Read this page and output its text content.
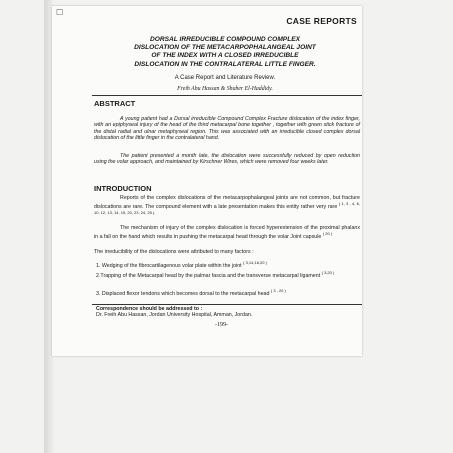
☐
CASE REPORTS
DORSAL IRREDUCIBLE COMPOUND COMPLEX
DISLOCATION OF THE METACARPOPHALANGEAL JOINT
OF THE INDEX WITH A CLOSED IRREDUCIBLE
DISLOCATION IN THE CONTRALATERAL LITTLE FINGER.
A Case Report and Literature Review.
Freih Abu Hassan & Shaher El-Haddidy.
ABSTRACT
A young patient had a Dorsal irreducible Compound Complex Fracture dislocation of the index finger, with an epiphyseal injury of the head of the third metacarpal bone together , together with green stick fracture of the distal radial and ulnar metaphyseal region. This was associated with an irreducible closed complex dorsal dislocation of the little finger in the contralateral hand.
The patient presented a month late, the dislocation were successfully reduced by open reduction using the volar approach, and maintained by Kirschner Wires, which were removed four weeks later.
INTRODUCTION
Reports of the complex dislocations of the metacarpophalangeal joints are not common, but fracture dislocations are rare. The compound element with a late presentation makes this entity rather very rare $^{( 1, 3 , 4, 6, 10, 12, 13, 14, 15, 20, 23, 24, 25 ).}$
The mechanism of injury of the complex dislocation is forced hyperextension of the proximal phalanx in a fall on the hand which results in pushing the metacarpal head through the volar Joint capsule $^{( 20 )}$
The irreducibility of the dislocations were attributed to many factors :
1. Wedging of the fibrocartilagenous volar plate within the joint $^{( 3,14,16,20 )}$
2.Trapping of the Metacarpal head by the palmar fascia and the transverse metacarpal ligament $^{( 3,20 )}$
3. Displaced flexor tendons which becomes dorsal to the metacarpal head $^{( 3 , 20 )}$
Correspondence should be addressed to :
Dr. Freih Abu Hassan, Jordan University Hospital, Amman, Jordan.
-199-
